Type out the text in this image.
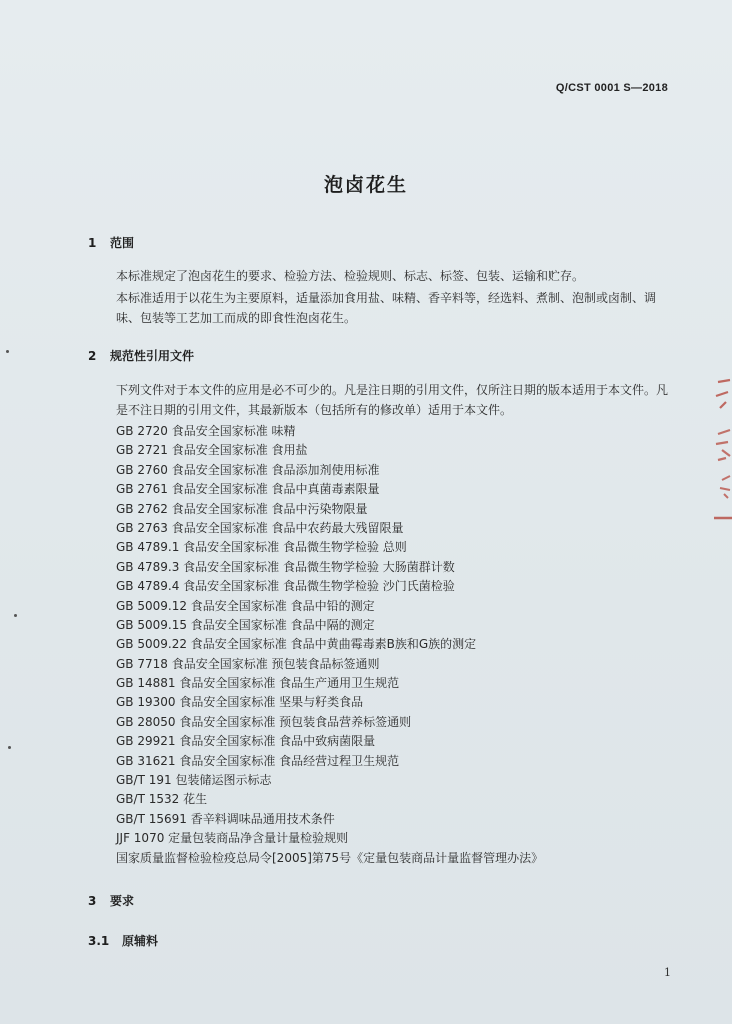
Q/CST 0001 S—2018
泡卤花生
1 范围
本标准规定了泡卤花生的要求、检验方法、检验规则、标志、标签、包装、运输和贮存。
本标准适用于以花生为主要原料，适量添加食用盐、味精、香辛料等，经选料、煮制、泡制或卤制、调味、包装等工艺加工而成的即食性泡卤花生。
2 规范性引用文件
下列文件对于本文件的应用是必不可少的。凡是注日期的引用文件，仅所注日期的版本适用于本文件。凡是不注日期的引用文件，其最新版本（包括所有的修改单）适用于本文件。
GB 2720 食品安全国家标准 味精
GB 2721 食品安全国家标准 食用盐
GB 2760 食品安全国家标准 食品添加剂使用标准
GB 2761 食品安全国家标准 食品中真菌毒素限量
GB 2762 食品安全国家标准 食品中污染物限量
GB 2763 食品安全国家标准 食品中农药最大残留限量
GB 4789.1 食品安全国家标准 食品微生物学检验 总则
GB 4789.3 食品安全国家标准 食品微生物学检验 大肠菌群计数
GB 4789.4 食品安全国家标准 食品微生物学检验 沙门氏菌检验
GB 5009.12 食品安全国家标准 食品中铅的测定
GB 5009.15 食品安全国家标准 食品中隔的测定
GB 5009.22 食品安全国家标准 食品中黄曲霉毒素B族和G族的测定
GB 7718 食品安全国家标准 预包装食品标签通则
GB 14881 食品安全国家标准 食品生产通用卫生规范
GB 19300 食品安全国家标准 坚果与籽类食品
GB 28050 食品安全国家标准 预包装食品营养标签通则
GB 29921 食品安全国家标准 食品中致病菌限量
GB 31621 食品安全国家标准 食品经营过程卫生规范
GB/T 191 包装储运图示标志
GB/T 1532 花生
GB/T 15691 香辛料调味品通用技术条件
JJF 1070 定量包装商品净含量计量检验规则
国家质量监督检验检疫总局令[2005]第75号《定量包装商品计量监督管理办法》
3 要求
3.1 原辅料
1
